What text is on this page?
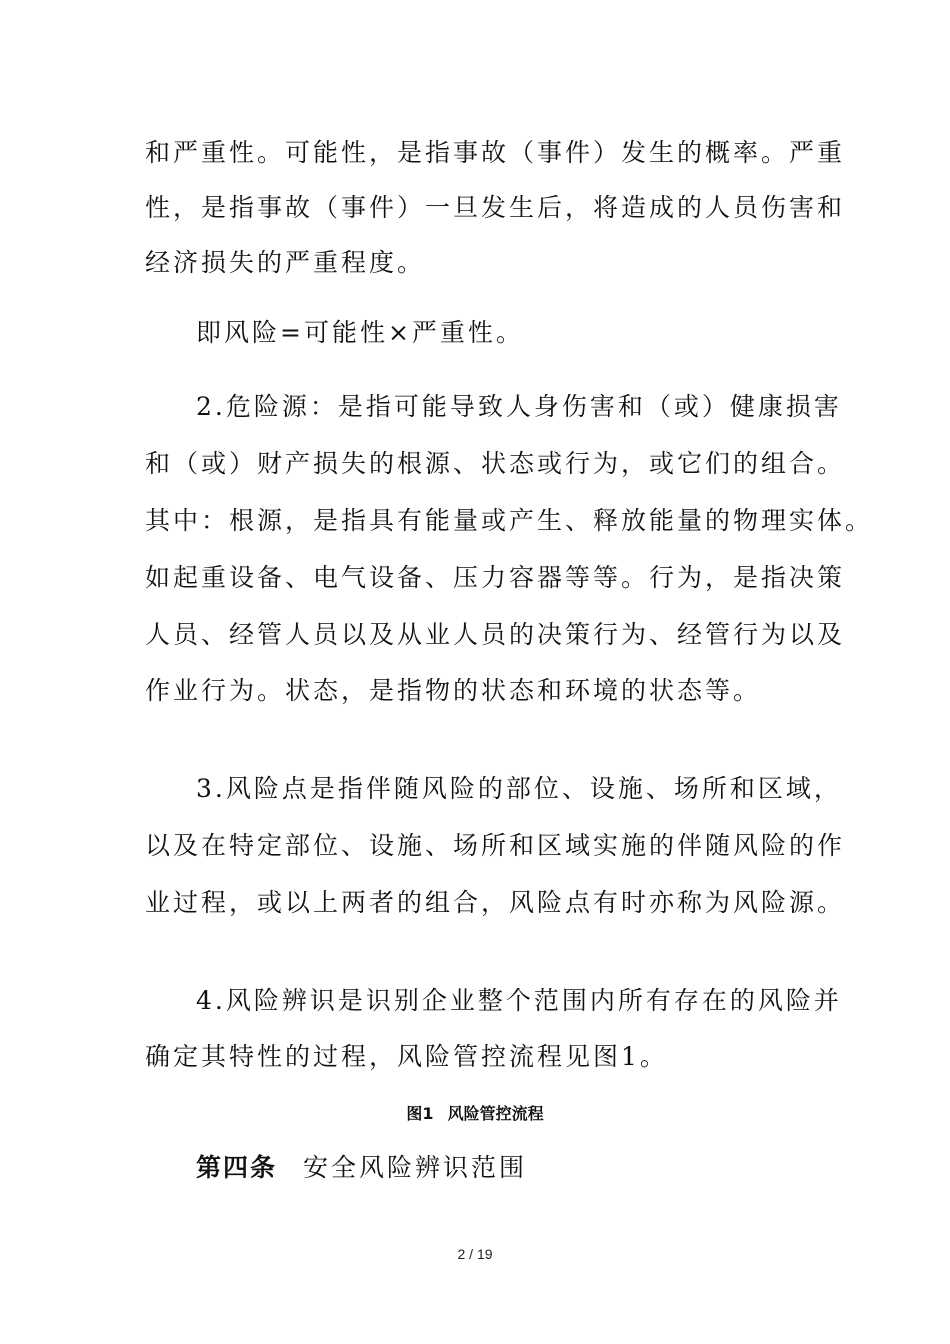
和严重性。可能性，是指事故（事件）发生的概率。严重
性，是指事故（事件）一旦发生后，将造成的人员伤害和
经济损失的严重程度。
即风险=可能性×严重性。
2.危险源：是指可能导致人身伤害和（或）健康损害
和（或）财产损失的根源、状态或行为，或它们的组合。
其中：根源，是指具有能量或产生、释放能量的物理实体。
如起重设备、电气设备、压力容器等等。行为，是指决策
人员、经管人员以及从业人员的决策行为、经管行为以及
作业行为。状态，是指物的状态和环境的状态等。
3.风险点是指伴随风险的部位、设施、场所和区域，
以及在特定部位、设施、场所和区域实施的伴随风险的作
业过程，或以上两者的组合，风险点有时亦称为风险源。
4.风险辨识是识别企业整个范围内所有存在的风险并
确定其特性的过程，风险管控流程见图1。
图1 风险管控流程
第四条 安全风险辨识范围
2 / 19
